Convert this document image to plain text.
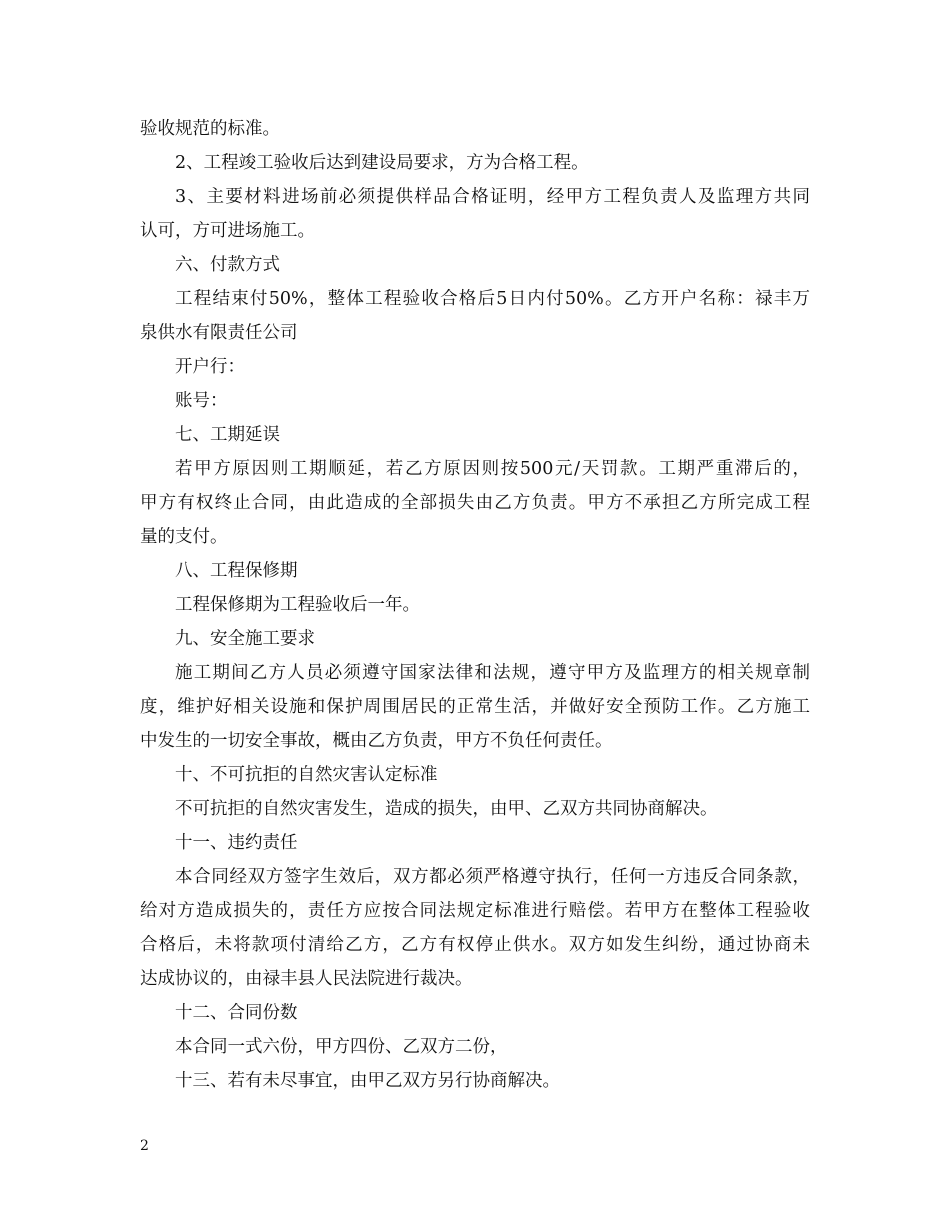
验收规范的标准。
2、工程竣工验收后达到建设局要求，方为合格工程。
3、主要材料进场前必须提供样品合格证明，经甲方工程负责人及监理方共同
认可，方可进场施工。
六、付款方式
工程结束付50%，整体工程验收合格后5日内付50%。乙方开户名称：禄丰万
泉供水有限责任公司
开户行：
账号：
七、工期延误
若甲方原因则工期顺延，若乙方原因则按500元/天罚款。工期严重滞后的，
甲方有权终止合同，由此造成的全部损失由乙方负责。甲方不承担乙方所完成工程
量的支付。
八、工程保修期
工程保修期为工程验收后一年。
九、安全施工要求
施工期间乙方人员必须遵守国家法律和法规，遵守甲方及监理方的相关规章制
度，维护好相关设施和保护周围居民的正常生活，并做好安全预防工作。乙方施工
中发生的一切安全事故，概由乙方负责，甲方不负任何责任。
十、不可抗拒的自然灾害认定标准
不可抗拒的自然灾害发生，造成的损失，由甲、乙双方共同协商解决。
十一、违约责任
本合同经双方签字生效后，双方都必须严格遵守执行，任何一方违反合同条款，
给对方造成损失的，责任方应按合同法规定标准进行赔偿。若甲方在整体工程验收
合格后，未将款项付清给乙方，乙方有权停止供水。双方如发生纠纷，通过协商未
达成协议的，由禄丰县人民法院进行裁决。
十二、合同份数
本合同一式六份，甲方四份、乙双方二份，
十三、若有未尽事宜，由甲乙双方另行协商解决。
2
